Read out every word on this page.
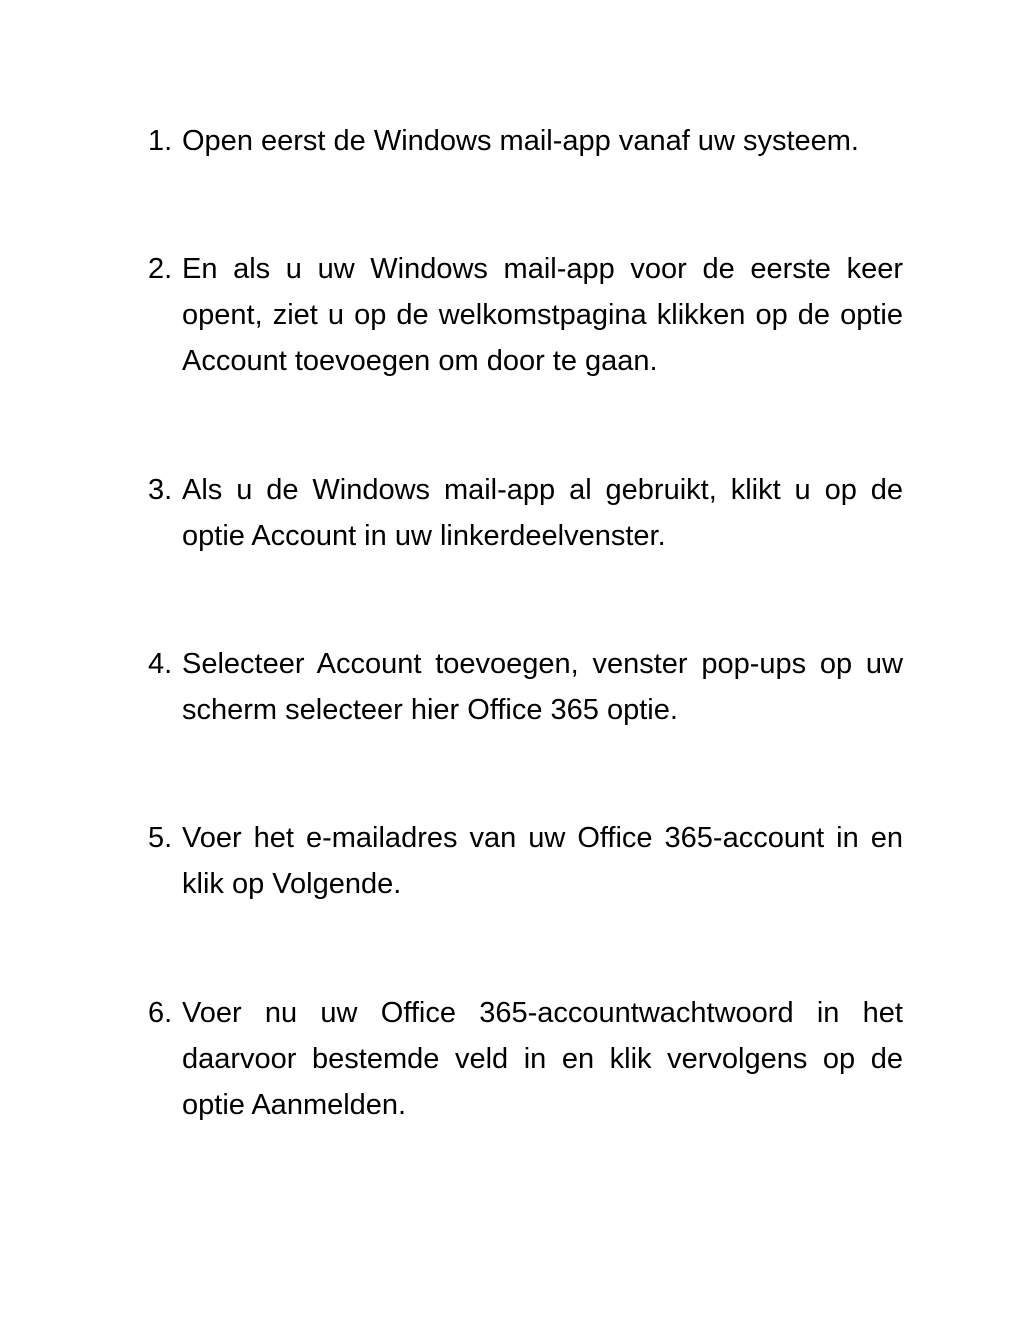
1. Open eerst de Windows mail-app vanaf uw systeem.
2. En als u uw Windows mail-app voor de eerste keer opent, ziet u op de welkomstpagina klikken op de optie Account toevoegen om door te gaan.
3. Als u de Windows mail-app al gebruikt, klikt u op de optie Account in uw linkerdeelvenster.
4. Selecteer Account toevoegen, venster pop-ups op uw scherm selecteer hier Office 365 optie.
5. Voer het e-mailadres van uw Office 365-account in en klik op Volgende.
6. Voer nu uw Office 365-accountwachtwoord in het daarvoor bestemde veld in en klik vervolgens op de optie Aanmelden.
